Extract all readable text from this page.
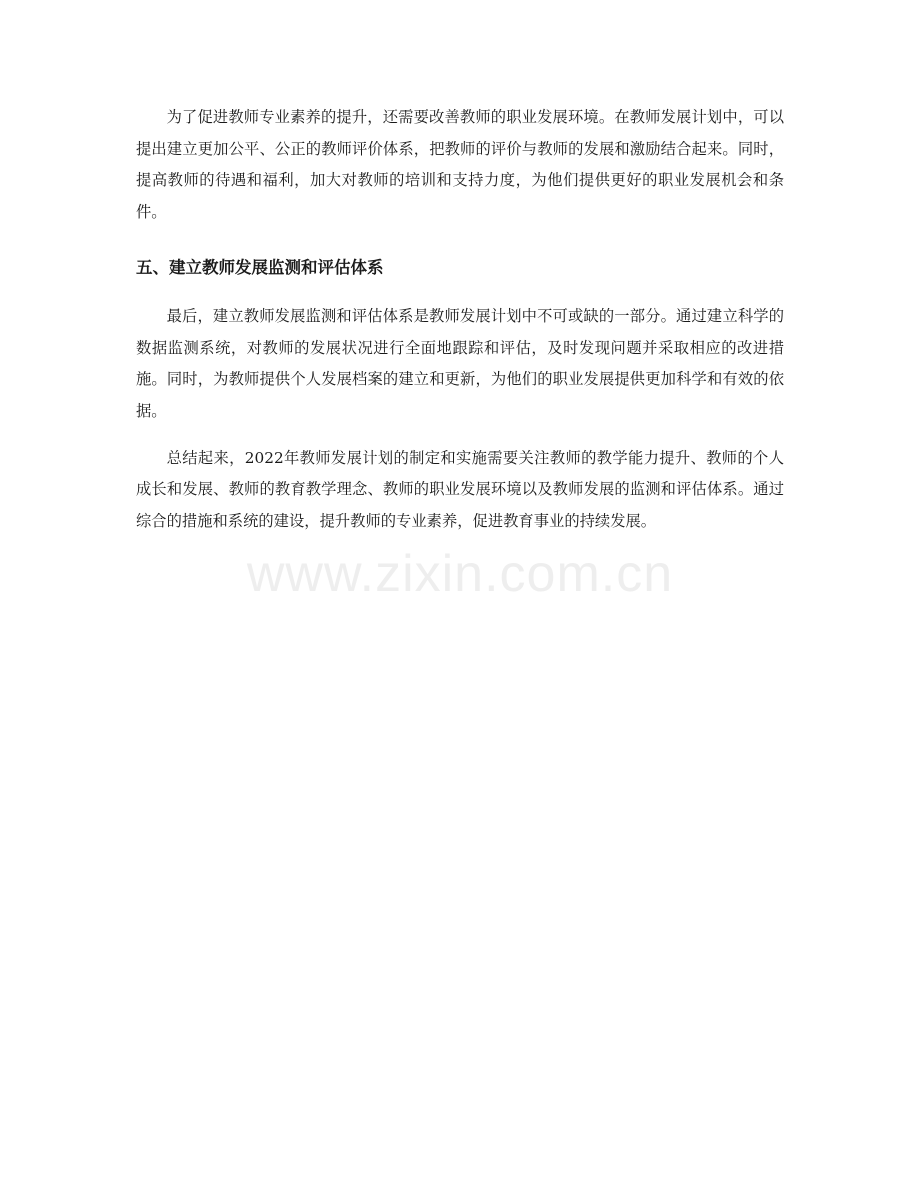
为了促进教师专业素养的提升，还需要改善教师的职业发展环境。在教师发展计划中，可以提出建立更加公平、公正的教师评价体系，把教师的评价与教师的发展和激励结合起来。同时，提高教师的待遇和福利，加大对教师的培训和支持力度，为他们提供更好的职业发展机会和条件。

五、建立教师发展监测和评估体系

最后，建立教师发展监测和评估体系是教师发展计划中不可或缺的一部分。通过建立科学的数据监测系统，对教师的发展状况进行全面地跟踪和评估，及时发现问题并采取相应的改进措施。同时，为教师提供个人发展档案的建立和更新，为他们的职业发展提供更加科学和有效的依据。

总结起来，2022年教师发展计划的制定和实施需要关注教师的教学能力提升、教师的个人成长和发展、教师的教育教学理念、教师的职业发展环境以及教师发展的监测和评估体系。通过综合的措施和系统的建设，提升教师的专业素养，促进教育事业的持续发展。

www.zixin.com.cn
